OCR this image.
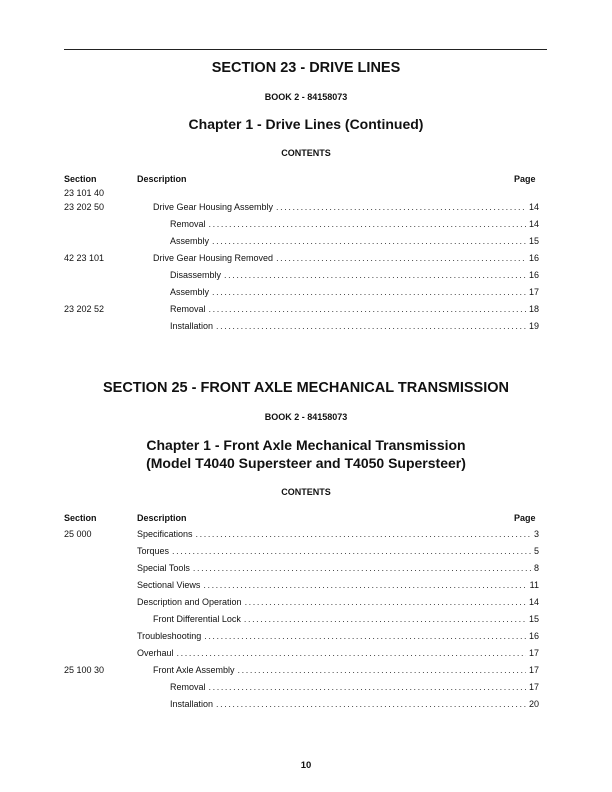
SECTION 23 - DRIVE LINES
BOOK 2 - 84158073
Chapter 1 - Drive Lines (Continued)
CONTENTS
Section	Description	Page
23 101 40
23 202 50	Drive Gear Housing Assembly .....	14
Removal .....	14
Assembly .....	15
42 23 101	Drive Gear Housing Removed .....	16
Disassembly .....	16
Assembly .....	17
23 202 52	Removal .....	18
Installation .....	19
SECTION 25 - FRONT AXLE MECHANICAL TRANSMISSION
BOOK 2 - 84158073
Chapter 1 - Front Axle Mechanical Transmission
(Model T4040 Supersteer and T4050 Supersteer)
CONTENTS
Section	Description	Page
25 000	Specifications .....	3
Torques .....	5
Special Tools .....	8
Sectional Views .....	11
Description and Operation .....	14
Front Differential Lock .....	15
Troubleshooting .....	16
Overhaul .....	17
25 100 30	Front Axle Assembly .....	17
Removal .....	17
Installation .....	20
10
